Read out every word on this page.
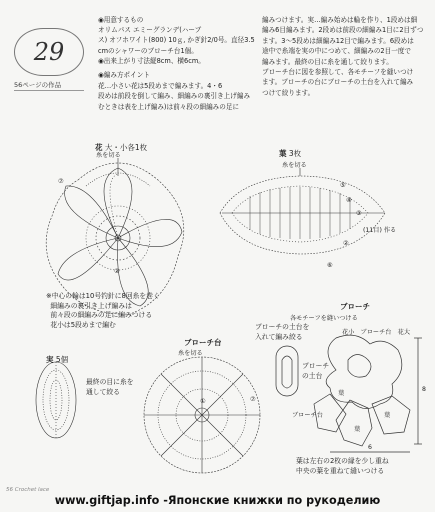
29
56ページの作品
◉用意するもの
オリムパス エミーグランデ(ハーブ
ス) オフホワイト(800) 10ｇ, かぎ針2/0号。直径3.5
cmのシャワーのブローチ台1個。
◉出来上がり寸法 縦8cm、横6cm。
◉編み方ポイント
花…小さい花は5段めまで編みます。4・6
段めは前段を倒して編み、細編みの裏引き上げ編み
むときは表を上げ編み)は前々段の細編みの足に
編みつけます。実…編み始めは輪を作り、1段めは細
編み6目編みます。2段めは前段の細編み1目に2目ずつ
ます。3〜5段めは細編み12目で編みます。6段めは
途中で糸端を実の中につめて、細編みの2目一度で
編みます。最終の目に糸を通して絞ります。
ブローチ台に図を参照して、各モチーフを縫いつけ
ます。ブローチの台にブローチの土台を入れて編み
つけて絞ります。
花 大・小各1枚
糸を切る
⑦
②
※中心の輪は10号钓針に8回糸を巻く
細編みの裏引き上げ編みは
前々段の細編みの足に編みつける
花小は5段めまで編む
葉 3枚
糸を切る
⑤
④
③
(11目) 作る
②
⑥
実 5個
最終の目に糸を
通して絞る
ブローチ台
糸を切る
⑦
①
ブローチ
各モチーフを縫いつける
ブローチの土台を
入れて編み絞る
花小　ブローチ台　花大
ブローチ
の土台
ブローチ台
葉
葉
葉
8
6
葉は左右の2枚の縁を少し重ね
中央の葉を重ねて縫いつける
56 Crochet lace
www.giftjap.info -Японские книжки по рукоделию
